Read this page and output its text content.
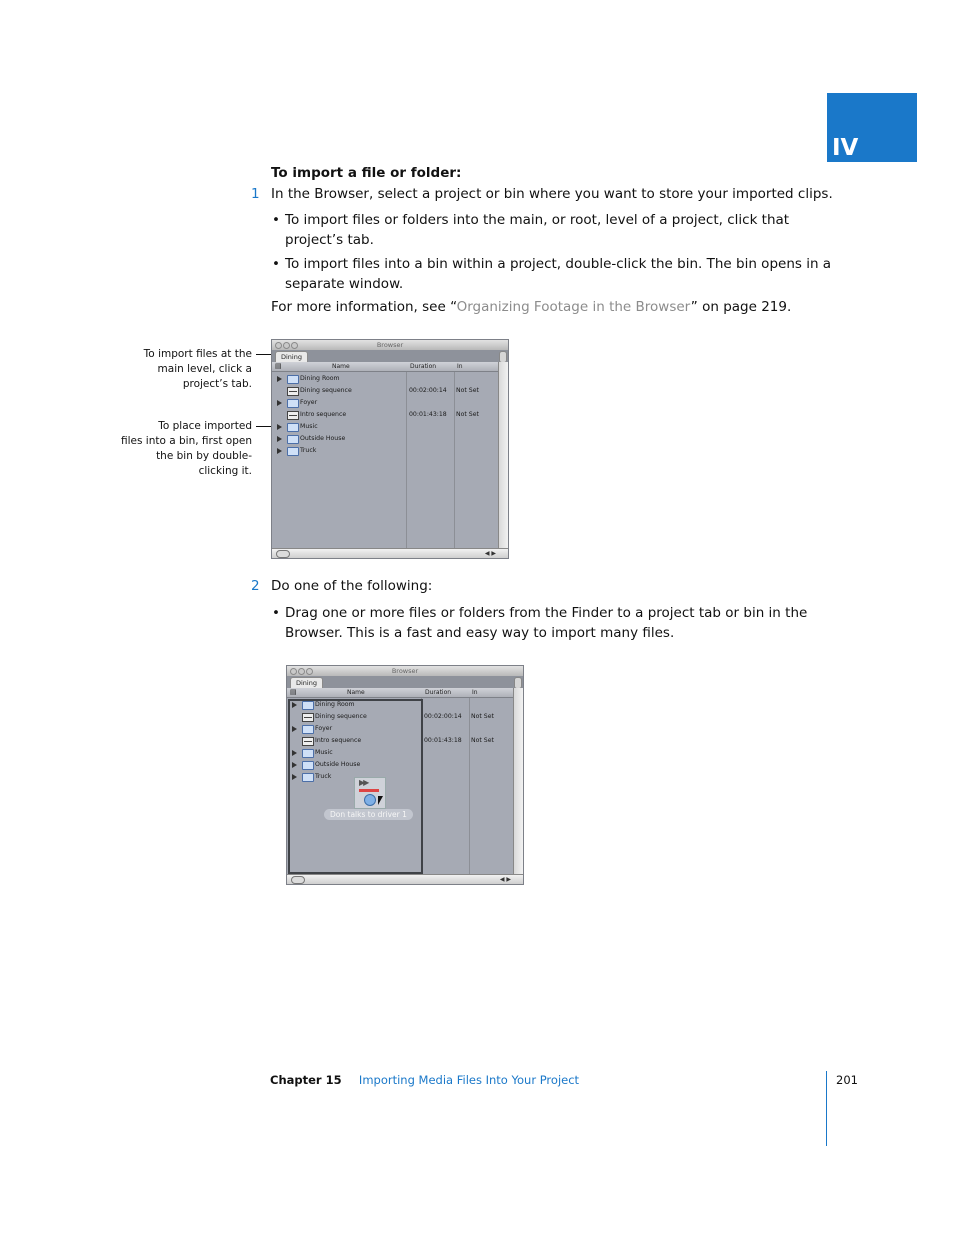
IV
To import a file or folder:
1 In the Browser, select a project or bin where you want to store your imported clips.
• To import files or folders into the main, or root, level of a project, click that
project’s tab.
• To import files into a bin within a project, double-click the bin. The bin opens in a
separate window.
For more information, see “Organizing Footage in the Browser” on page 219.
To import files at the
main level, click a
project’s tab.
To place imported
files into a bin, first open
the bin by double-
clicking it.
Browser
Dining
▤	Name	Duration	In
Dining Room
Dining sequence	00:02:00:14 Not Set
Foyer
Intro sequence	00:01:43:18 Not Set
Music
Outside House
Truck
◀ ▶
2 Do one of the following:
• Drag one or more files or folders from the Finder to a project tab or bin in the
Browser. This is a fast and easy way to import many files.
Browser
Dining
▤	Name	Duration	In
Dining Room
Dining sequence	00:02:00:14 Not Set
Foyer
Intro sequence	00:01:43:18 Not Set
Music
Outside House
Truck
▶▶
Don talks to driver 1
◀ ▶
Chapter 15 Importing Media Files Into Your Project	201
